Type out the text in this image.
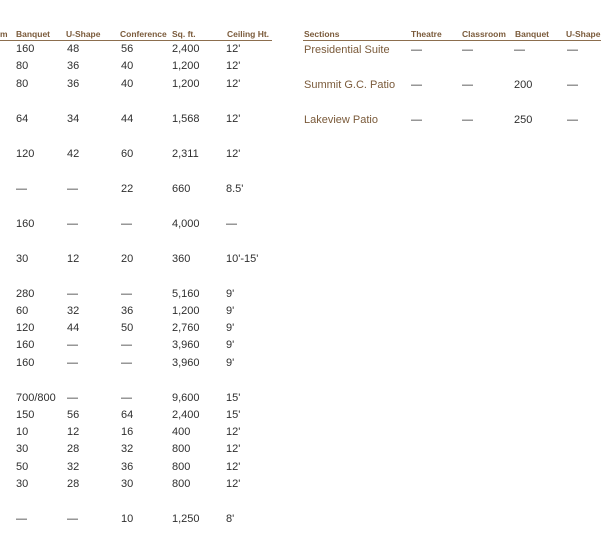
m Banquet U-Shape Conference Sq. ft.	Ceiling Ht.
160	48	56	2,400 12'
80	36	40	1,200 12'
80	36	40	1,200 12'
64	34	44	1,568 12'
120	42	60	2,311 12'
—	—	22	660	8.5'
160	—	—	4,000 —
30	12	20	360	10'-15'
280	—	—	5,160 9'
60	32	36	1,200 9'
120	44	50	2,760 9'
160	—	—	3,960 9'
160	—	—	3,960 9'
700/800 —	—	9,600 15'
150	56	64	2,400 15'
10	12	16	400	12'
30	28	32	800	12'
50	32	36	800	12'
30	28	30	800	12'
—	—	10	1,250 8'
Sections	Theatre Classroom Banquet U-Shape
Presidential Suite —	—	—	—
Summit G.C. Patio —	—	200	—
Lakeview Patio	—	—	250	—
